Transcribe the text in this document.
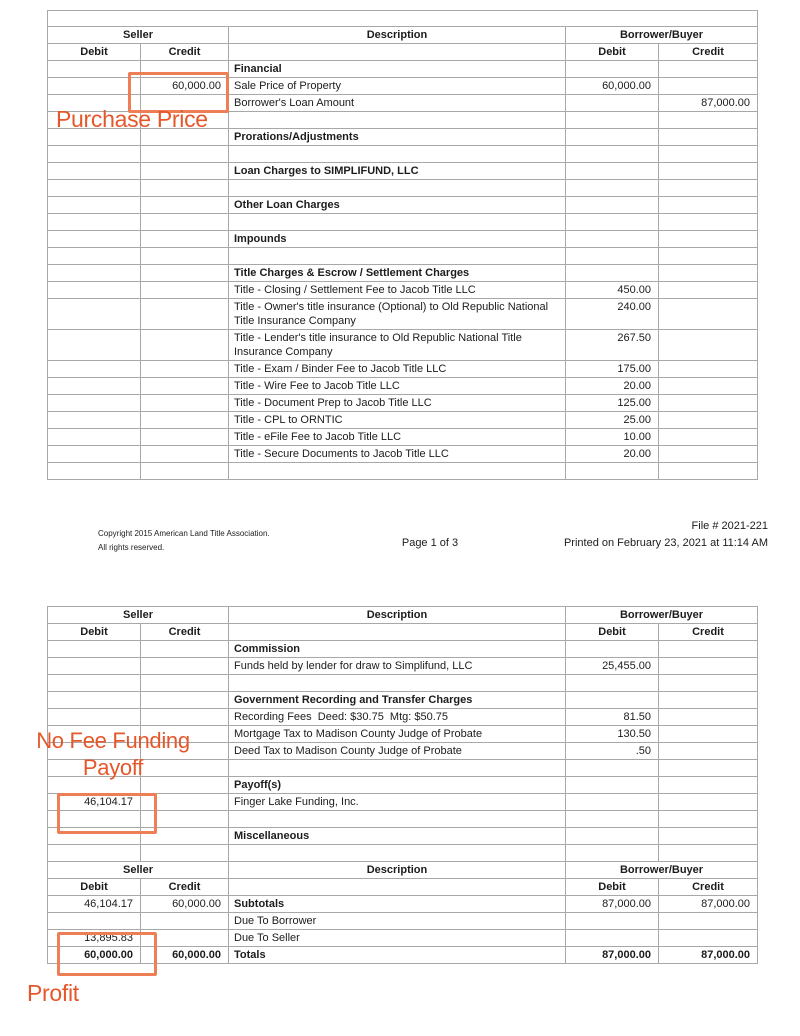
Seller		Description	Borrower/Buyer	
Debit	Credit		Debit	Credit
		Financial		
	60,000.00	Sale Price of Property	60,000.00	
		Borrower's Loan Amount		87,000.00

		Prorations/Adjustments		

		Loan Charges to SIMPLIFUND, LLC		

		Other Loan Charges		

		Impounds		

		Title Charges & Escrow / Settlement Charges		
		Title - Closing / Settlement Fee to Jacob Title LLC	450.00	
		Title - Owner's title insurance (Optional) to Old Republic National Title Insurance Company	240.00	
		Title - Lender's title insurance to Old Republic National Title Insurance Company	267.50	
		Title - Exam / Binder Fee to Jacob Title LLC	175.00	
		Title - Wire Fee to Jacob Title LLC	20.00	
		Title - Document Prep to Jacob Title LLC	125.00	
		Title - CPL to ORNTIC	25.00	
		Title - eFile Fee to Jacob Title LLC	10.00	
		Title - Secure Documents to Jacob Title LLC	20.00	

Copyright 2015 American Land Title Association.
All rights reserved.	Page 1 of 3
File # 2021-221
Printed on February 23, 2021 at 11:14 AM
Seller		Description	Borrower/Buyer	
Debit	Credit		Debit	Credit
		Commission		
		Funds held by lender for draw to Simplifund, LLC	25,455.00	

		Government Recording and Transfer Charges		
		Recording Fees  Deed: $30.75  Mtg: $50.75	81.50	
		Mortgage Tax to Madison County Judge of Probate	130.50	
		Deed Tax to Madison County Judge of Probate	.50	

		Payoff(s)		
46,104.17		Finger Lake Funding, Inc.		

		Miscellaneous		

Seller		Description	Borrower/Buyer	
Debit	Credit		Debit	Credit
46,104.17	60,000.00	Subtotals	87,000.00	87,000.00
		Due To Borrower		
13,895.83		Due To Seller		
60,000.00	60,000.00	Totals	87,000.00	87,000.00
Purchase Price
No Fee Funding
Payoff
Profit
